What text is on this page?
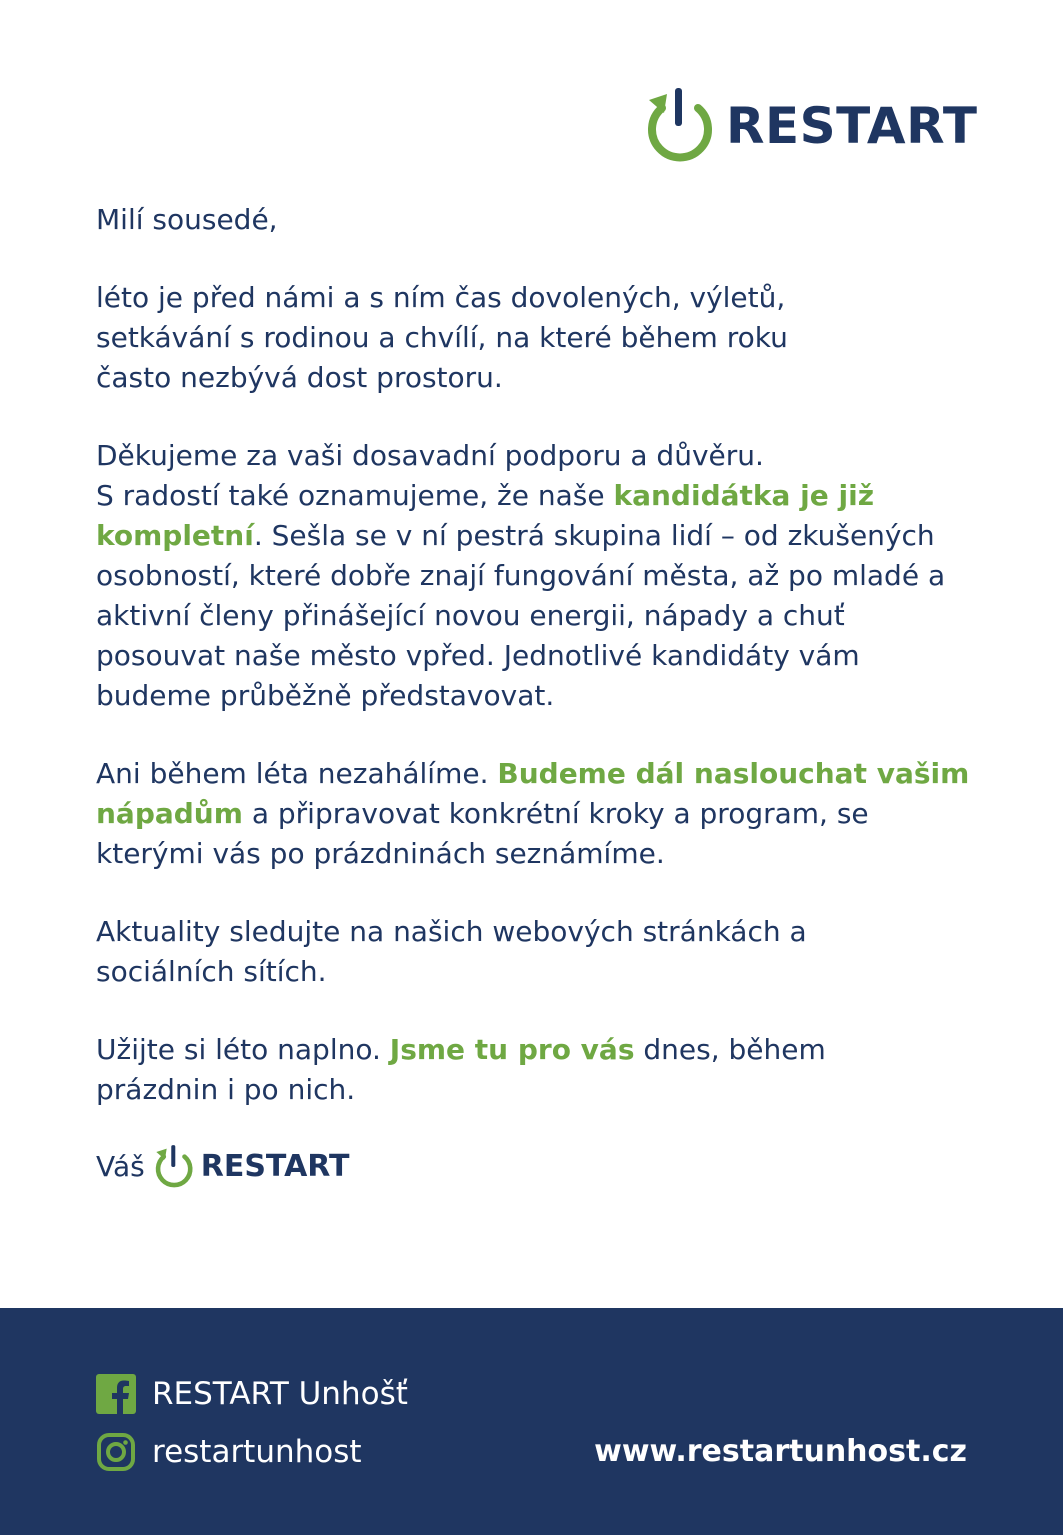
RESTART

Milí sousedé,

léto je před námi a s ním čas dovolených, výletů, setkávání s rodinou a chvílí, na které během roku často nezbývá dost prostoru.

Děkujeme za vaši dosavadní podporu a důvěru.
S radostí také oznamujeme, že naše kandidátka je již kompletní. Sešla se v ní pestrá skupina lidí – od zkušených osobností, které dobře znají fungování města, až po mladé a aktivní členy přinášející novou energii, nápady a chuť posouvat naše město vpřed. Jednotlivé kandidáty vám budeme průběžně představovat.

Ani během léta nezahálíme. Budeme dál naslouchat vašim nápadům a připravovat konkrétní kroky a program, se kterými vás po prázdninách seznámíme.

Aktuality sledujte na našich webových stránkách a sociálních sítích.

Užijte si léto naplno. Jsme tu pro vás dnes, během prázdnin i po nich.

Váš RESTART
RESTART Unhošť
restartunhost	www.restartunhost.cz
